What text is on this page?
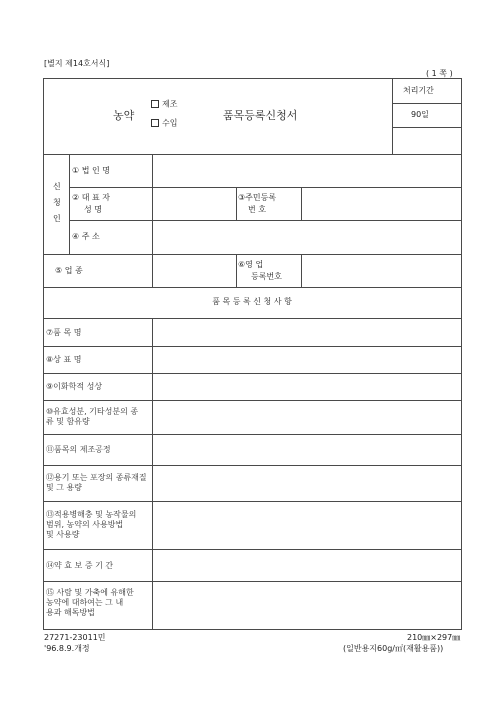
[별지 제14호서식]
( 1 쪽 )
농약
제조
수입
품목등록신청서
처리기간
90일
신
청
인
① 법 인 명
② 대 표 자
성 명
③주민등록
번 호
④ 주 소
⑤ 업 종
⑥영 업
등록번호
품 목 등 록 신 청 사 항
⑦품 목 명
⑧상 표 명
⑨이화학적 성상
⑩유효성분, 기타성분의 종
류 및 함유량
⑪품목의 제조공정
⑫용기 또는 포장의 종류재질
및 그 용량
⑬적용병해충 및 농작물의
범위, 농약의 사용방법
및 사용량
⑭약 효 보 증 기 간
⑮ 사람 및 가축에 유해한
농약에 대하여는 그 내
용과 해독방법
27271-23011민
'96.8.9.개정
210㎜×297㎜
(일반용지60g/㎡(재활용품))
